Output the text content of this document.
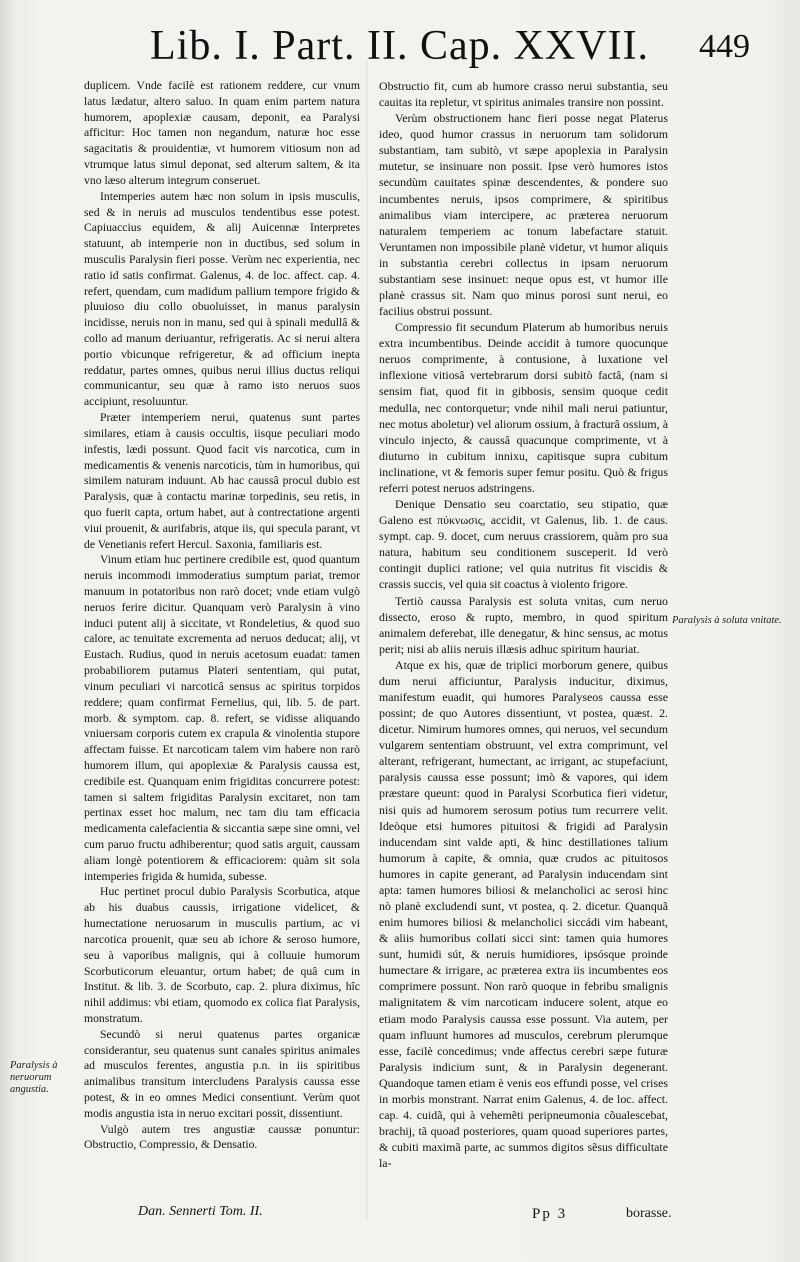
Lib. I. Part. II. Cap. XXVII. 449

duplicem. Vnde facilè est rationem reddere, cur vnum latus lædatur, altero saluo. In quam enim partem natura humorem, apoplexiæ causam, deponit, ea Paralysi afficitur: Hoc tamen non negandum, naturæ hoc esse sagacitatis & prouidentiæ, vt humorem vitiosum non ad vtrumque latus simul deponat, sed alterum saltem, & ita vno læso alterum integrum conseruet.

Intemperies autem hæc non solum in ipsis musculis, sed & in neruis ad musculos tendentibus esse potest. Capiuaccius equidem, & alij Auicennæ Interpretes statuunt, ab intemperie non in ductibus, sed solum in musculis Paralysin fieri posse. Verùm nec experientia, nec ratio id satis confirmat. Galenus, 4. de loc. affect. cap. 4. refert, quendam, cum madidum pallium tempore frigido & pluuioso diu collo obuoluisset, in manus paralysin incidisse, neruis non in manu, sed qui à spinali medullâ & collo ad manum deriuantur, refrigeratis. Ac si nerui altera portio vbicunque refrigeretur, & ad officium inepta reddatur, partes omnes, quibus nerui illius ductus reliqui communicantur, seu quæ à ramo isto neruos suos accipiunt, resoluuntur.

Præter intemperiem nerui, quatenus sunt partes similares, etiam à causis occultis, iisque peculiari modo infestis, lædi possunt. Quod facit vis narcotica, cum in medicamentis & venenis narcoticis, tùm in humoribus, qui similem naturam induunt. Ab hac caussâ procul dubio est Paralysis, quæ à contactu marinæ torpedinis, seu retis, in quo fuerit capta, ortum habet, aut à contrectatione argenti viui prouenit, & aurifabris, atque iis, qui specula parant, vt de Venetianis refert Hercul. Saxonia, familiaris est.

Vinum etiam huc pertinere credibile est, quod quantum neruis incommodi immoderatius sumptum pariat, tremor manuum in potatoribus non rarò docet; vnde etiam vulgò neruos ferire dicitur. Quanquam verò Paralysin à vino induci putent alij à siccitate, vt Rondeletius, & quod suo calore, ac tenuitate excrementa ad neruos deducat; alij, vt Eustach. Rudius, quod in neruis acetosum euadat: tamen probabiliorem putamus Plateri sententiam, qui putat, vinum peculiari vi narcoticâ sensus ac spiritus torpidos reddere; quam confirmat Fernelius, qui, lib. 5. de part. morb. & symptom. cap. 8. refert, se vidisse aliquando vniuersam corporis cutem ex crapula & vinolentia stupore affectam fuisse. Et narcoticam talem vim habere non rarò humorem illum, qui apoplexiæ & Paralysis caussa est, credibile est. Quanquam enim frigiditas concurrere potest: tamen si saltem frigiditas Paralysin excitaret, non tam pertinax esset hoc malum, nec tam diu tam efficacia medicamenta calefacientia & siccantia sæpe sine omni, vel cum paruo fructu adhiberentur; quod satis arguit, caussam aliam longè potentiorem & efficaciorem: quàm sit sola intemperies frigida & humida, subesse.

Huc pertinet procul dubio Paralysis Scorbutica, atque ab his duabus caussis, irrigatione videlicet, & humectatione neruosarum in musculis partium, ac vi narcotica prouenit, quæ seu ab ichore & seroso humore, seu à vaporibus malignis, qui à colluuie humorum Scorbuticorum eleuantur, ortum habet; de quâ cum in Institut. & lib. 3. de Scorbuto, cap. 2. plura diximus, hîc nihil addimus: vbi etiam, quomodo ex colica fiat Paralysis, monstratum.

Secundò si nerui quatenus partes organicæ considerantur, seu quatenus sunt canales spiritus animales ad musculos ferentes, angustia p.n. in iis spiritibus animalibus transitum intercludens Paralysis caussa esse potest, & in eo omnes Medici consentiunt. Verùm quot modis angustia ista in neruo excitari possit, dissentiunt.

Vulgò autem tres angustiæ caussæ ponuntur: Obstructio, Compressio, & Densatio.

Obstructio fit, cum ab humore crasso nerui substantia, seu cauitas ita repletur, vt spiritus animales transire non possint.

Verùm obstructionem hanc fieri posse negat Platerus ideo, quod humor crassus in neruorum tam solidorum substantiam, tam subitò, vt sæpe apoplexia in Paralysin mutetur, se insinuare non possit. Ipse verò humores istos secundùm cauitates spinæ descendentes, & pondere suo incumbentes neruis, ipsos comprimere, & spiritibus animalibus viam intercipere, ac præterea neruorum naturalem temperiem ac tonum labefactare statuit. Veruntamen non impossibile planè videtur, vt humor aliquis in substantia cerebri collectus in ipsam neruorum substantiam sese insinuet: neque opus est, vt humor ille planè crassus sit. Nam quo minus porosi sunt nerui, eo facilius obstrui possunt.

Compressio fit secundum Platerum ab humoribus neruis extra incumbentibus. Deinde accidit à tumore quocunque neruos comprimente, à contusione, à luxatione vel inflexione vitiosâ vertebrarum dorsi subitò factâ, (nam si sensim fiat, quod fit in gibbosis, sensim quoque cedit medulla, nec contorquetur; vnde nihil mali nerui patiuntur, nec motus aboletur) vel aliorum ossium, à fracturâ ossium, à vinculo injecto, & caussâ quacunque comprimente, vt à diuturno in cubitum innixu, capitisque supra cubitum inclinatione, vt & femoris super femur positu. Quò & frigus referri potest neruos adstringens.

Denique Densatio seu coarctatio, seu stipatio, quæ Galeno est πύκνωσις, accidit, vt Galenus, lib. 1. de caus. sympt. cap. 9. docet, cum neruus crassiorem, quàm pro sua natura, habitum seu conditionem susceperit. Id verò contingit duplici ratione; vel quia nutritus fit viscidis & crassis succis, vel quia sit coactus à violento frigore.

Tertiò caussa Paralysis est soluta vnitas, cum neruo dissecto, eroso & rupto, membro, in quod spiritum animalem deferebat, ille denegatur, & hinc sensus, ac motus perit; nisi ab aliis neruis illæsis adhuc spiritum hauriat.

Atque ex his, quæ de triplici morborum genere, quibus dum nerui afficiuntur, Paralysis inducitur, diximus, manifestum euadit, qui humores Paralyseos caussa esse possint; de quo Autores dissentiunt, vt postea, quæst. 2. dicetur. Nimirum humores omnes, qui neruos, vel secundum vulgarem sententiam obstruunt, vel extra comprimunt, vel alterant, refrigerant, humectant, ac irrigant, ac stupefaciunt, paralysis caussa esse possunt; imò & vapores, qui idem præstare queunt: quod in Paralysi Scorbutica fieri videtur, nisi quis ad humorem serosum potius tum recurrere velit. Ideòque etsi humores pituitosi & frigidi ad Paralysin inducendam sint valde apti, & hinc destillationes talium humorum à capite, & omnia, quæ crudos ac pituitosos humores in capite generant, ad Paralysin inducendam sint apta: tamen humores biliosi & melancholici ac serosi hinc nò planè excludendi sunt, vt postea, q. 2. dicetur. Quanquã enim humores biliosi & melancholici siccádi vim habeant, & aliis humoribus collati sicci sint: tamen quia humores sunt, humidi sút, & neruis humidiores, ipsósque proinde humectare & irrigare, ac præterea extra iis incumbentes eos comprimere possunt. Non rarò quoque in febribu smalignis malignitatem & vim narcoticam inducere solent, atque eo etiam modo Paralysis caussa esse possunt. Via autem, per quam influunt humores ad musculos, cerebrum plerumque esse, facilè concedimus; vnde affectus cerebri sæpe futuræ Paralysis indicium sunt, & in Paralysin degenerant. Quandoque tamen etiam è venis eos effundi posse, vel crises in morbis monstrant. Narrat enim Galenus, 4. de loc. affect. cap. 4. cuidã, qui à vehemẽti peripneumonia cõualescebat, brachij, tã quoad posteriores, quam quoad superiores partes, & cubiti maximã parte, ac summos digitos sẽsus difficultate la-

Paralysis à soluta vnitate.
Paralysis à neruorum angustia.
Dan. Sennerti Tom. II.	Pp 3	borasse.
